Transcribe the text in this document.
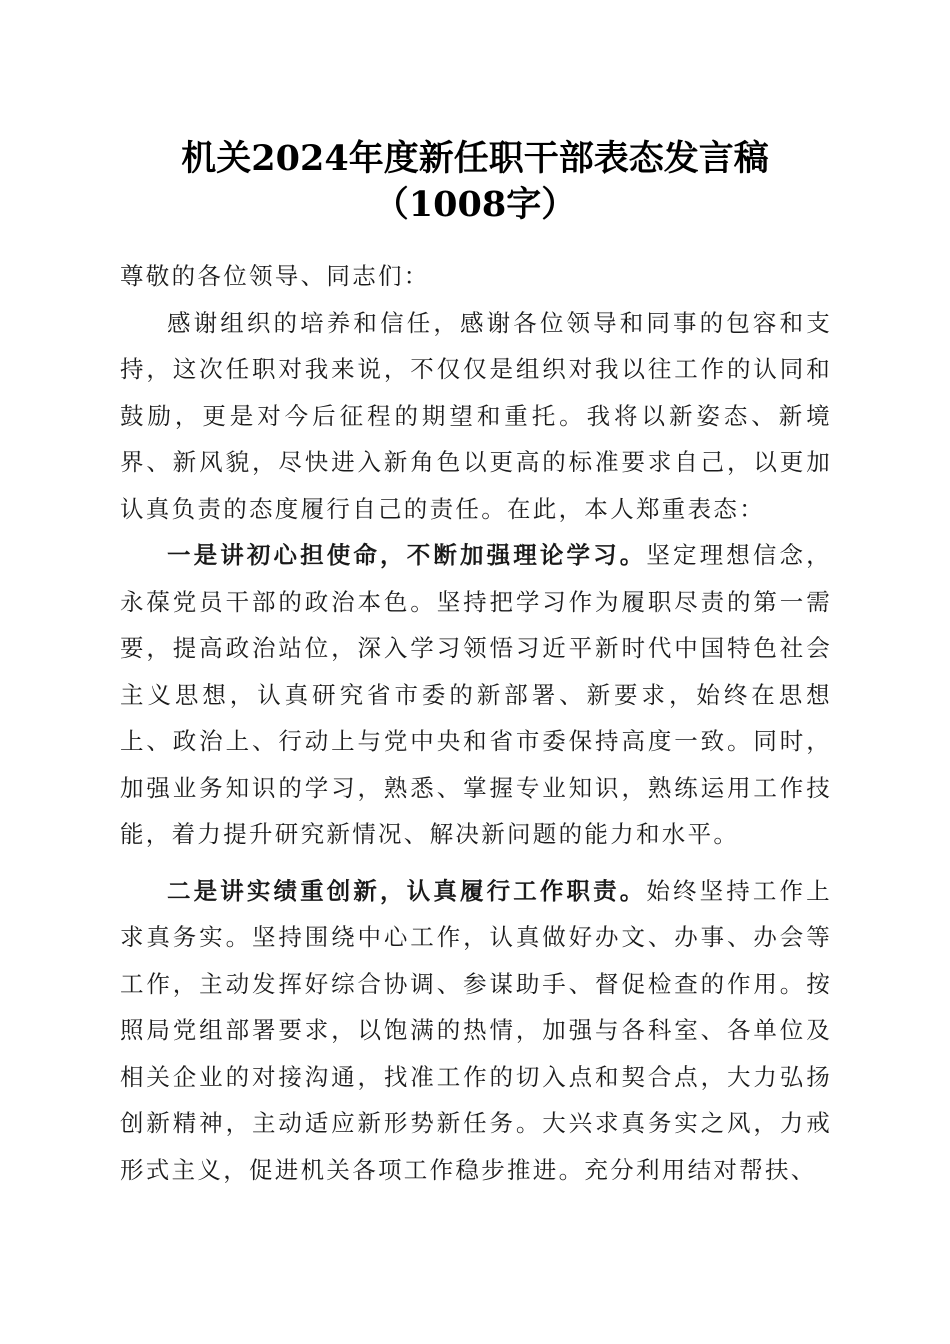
机关2024年度新任职干部表态发言稿（1008字）

尊敬的各位领导、同志们：

感谢组织的培养和信任，感谢各位领导和同事的包容和支持，这次任职对我来说，不仅仅是组织对我以往工作的认同和鼓励，更是对今后征程的期望和重托。我将以新姿态、新境界、新风貌，尽快进入新角色以更高的标准要求自己，以更加认真负责的态度履行自己的责任。在此，本人郑重表态：

一是讲初心担使命，不断加强理论学习。坚定理想信念，永葆党员干部的政治本色。坚持把学习作为履职尽责的第一需要，提高政治站位，深入学习领悟习近平新时代中国特色社会主义思想，认真研究省市委的新部署、新要求，始终在思想上、政治上、行动上与党中央和省市委保持高度一致。同时，加强业务知识的学习，熟悉、掌握专业知识，熟练运用工作技能，着力提升研究新情况、解决新问题的能力和水平。

二是讲实绩重创新，认真履行工作职责。始终坚持工作上求真务实。坚持围绕中心工作，认真做好办文、办事、办会等工作，主动发挥好综合协调、参谋助手、督促检查的作用。按照局党组部署要求，以饱满的热情，加强与各科室、各单位及相关企业的对接沟通，找准工作的切入点和契合点，大力弘扬创新精神，主动适应新形势新任务。大兴求真务实之风，力戒形式主义，促进机关各项工作稳步推进。充分利用结对帮扶、
